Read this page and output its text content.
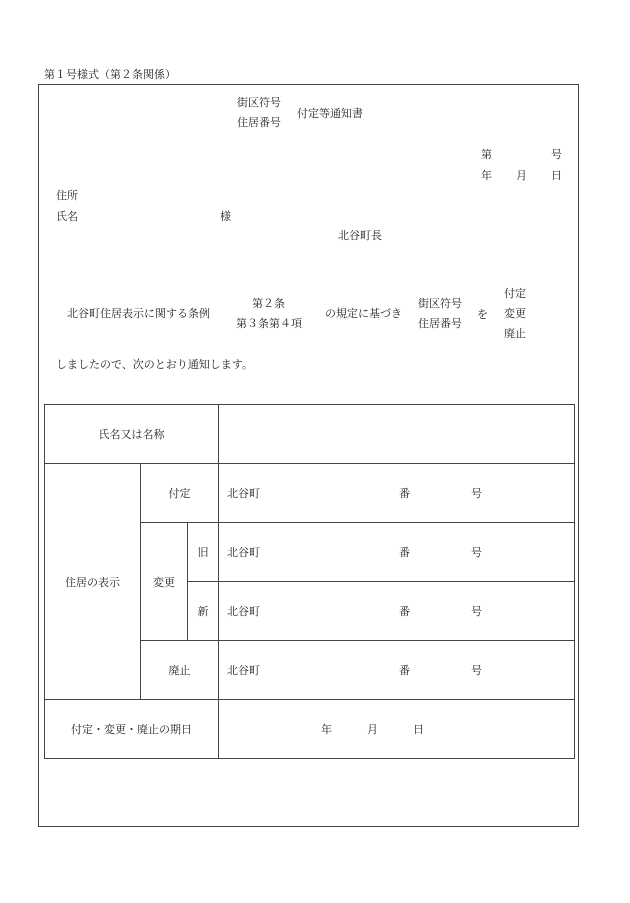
第１号様式（第２条関係）
街区符号
住居番号
付定等通知書
第	号
年 月 日
住所
氏名	様
北谷町長
北谷町住居表示に関する条例
第２条
第３条第４項
の規定に基づき
街区符号
住居番号
を
付定
変更
廃止
しましたので、次のとおり通知します。
氏名又は名称			
住居の表示	付定		北谷町 番 号

	変更	旧	北谷町 番 号

		新	北谷町 番 号

	廃止		北谷町 番 号

付定・変更・廃止の期日			年 月 日
